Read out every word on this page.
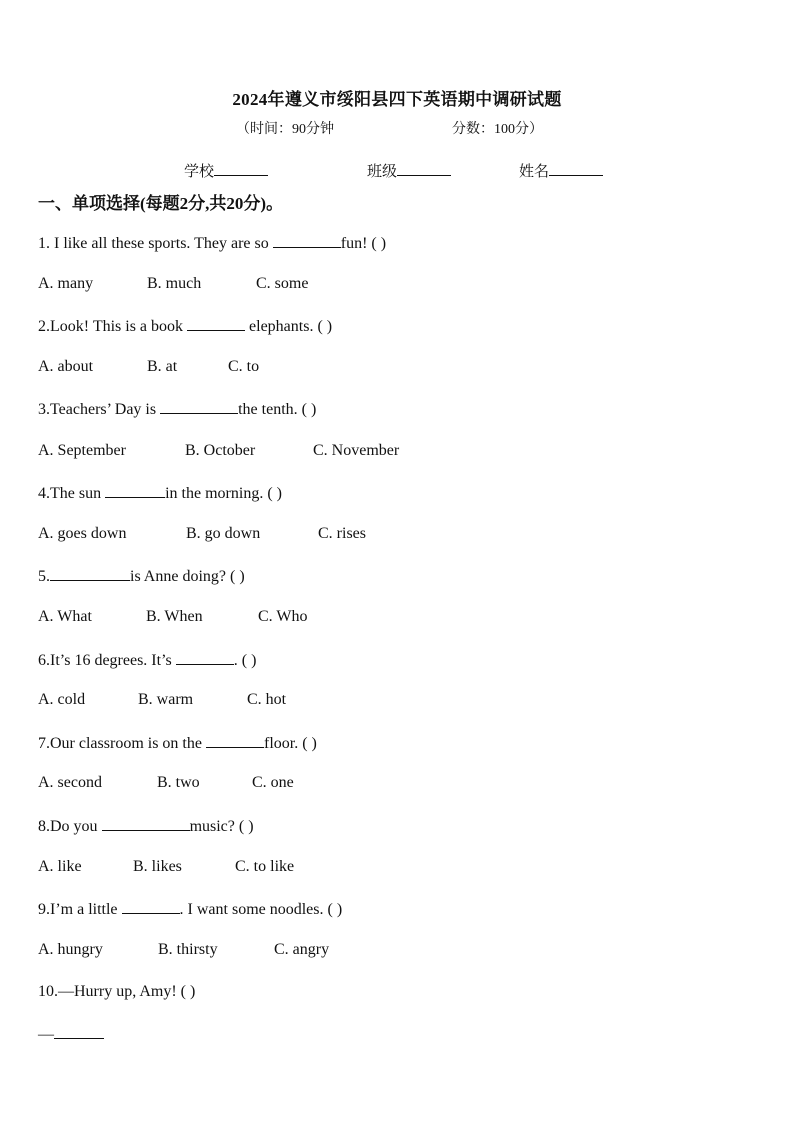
2024年遵义市绥阳县四下英语期中调研试题
（时间：90分钟	分数：100分）
学校	班级	姓名
一、单项选择(每题2分,共20分)。
1. I like all these sports. They are so	fun! ( )
A. many	B. much	C. some
2.Look! This is a book	elephants. ( )
A. about	B. at	C. to
3.Teachers’ Day is	the tenth. ( )
A. September	B. October	C. November
4.The sun	in the morning. ( )
A. goes down	B. go down	C. rises
5.	is Anne doing? ( )
A. What	B. When	C. Who
6.It’s 16 degrees. It’s	. ( )
A. cold	B. warm	C. hot
7.Our classroom is on the	floor. ( )
A. second	B. two	C. one
8.Do you	music? ( )
A. like	B. likes	C. to like
9.I’m a little	. I want some noodles. ( )
A. hungry	B. thirsty	C. angry
10.—Hurry up, Amy! ( )
—
